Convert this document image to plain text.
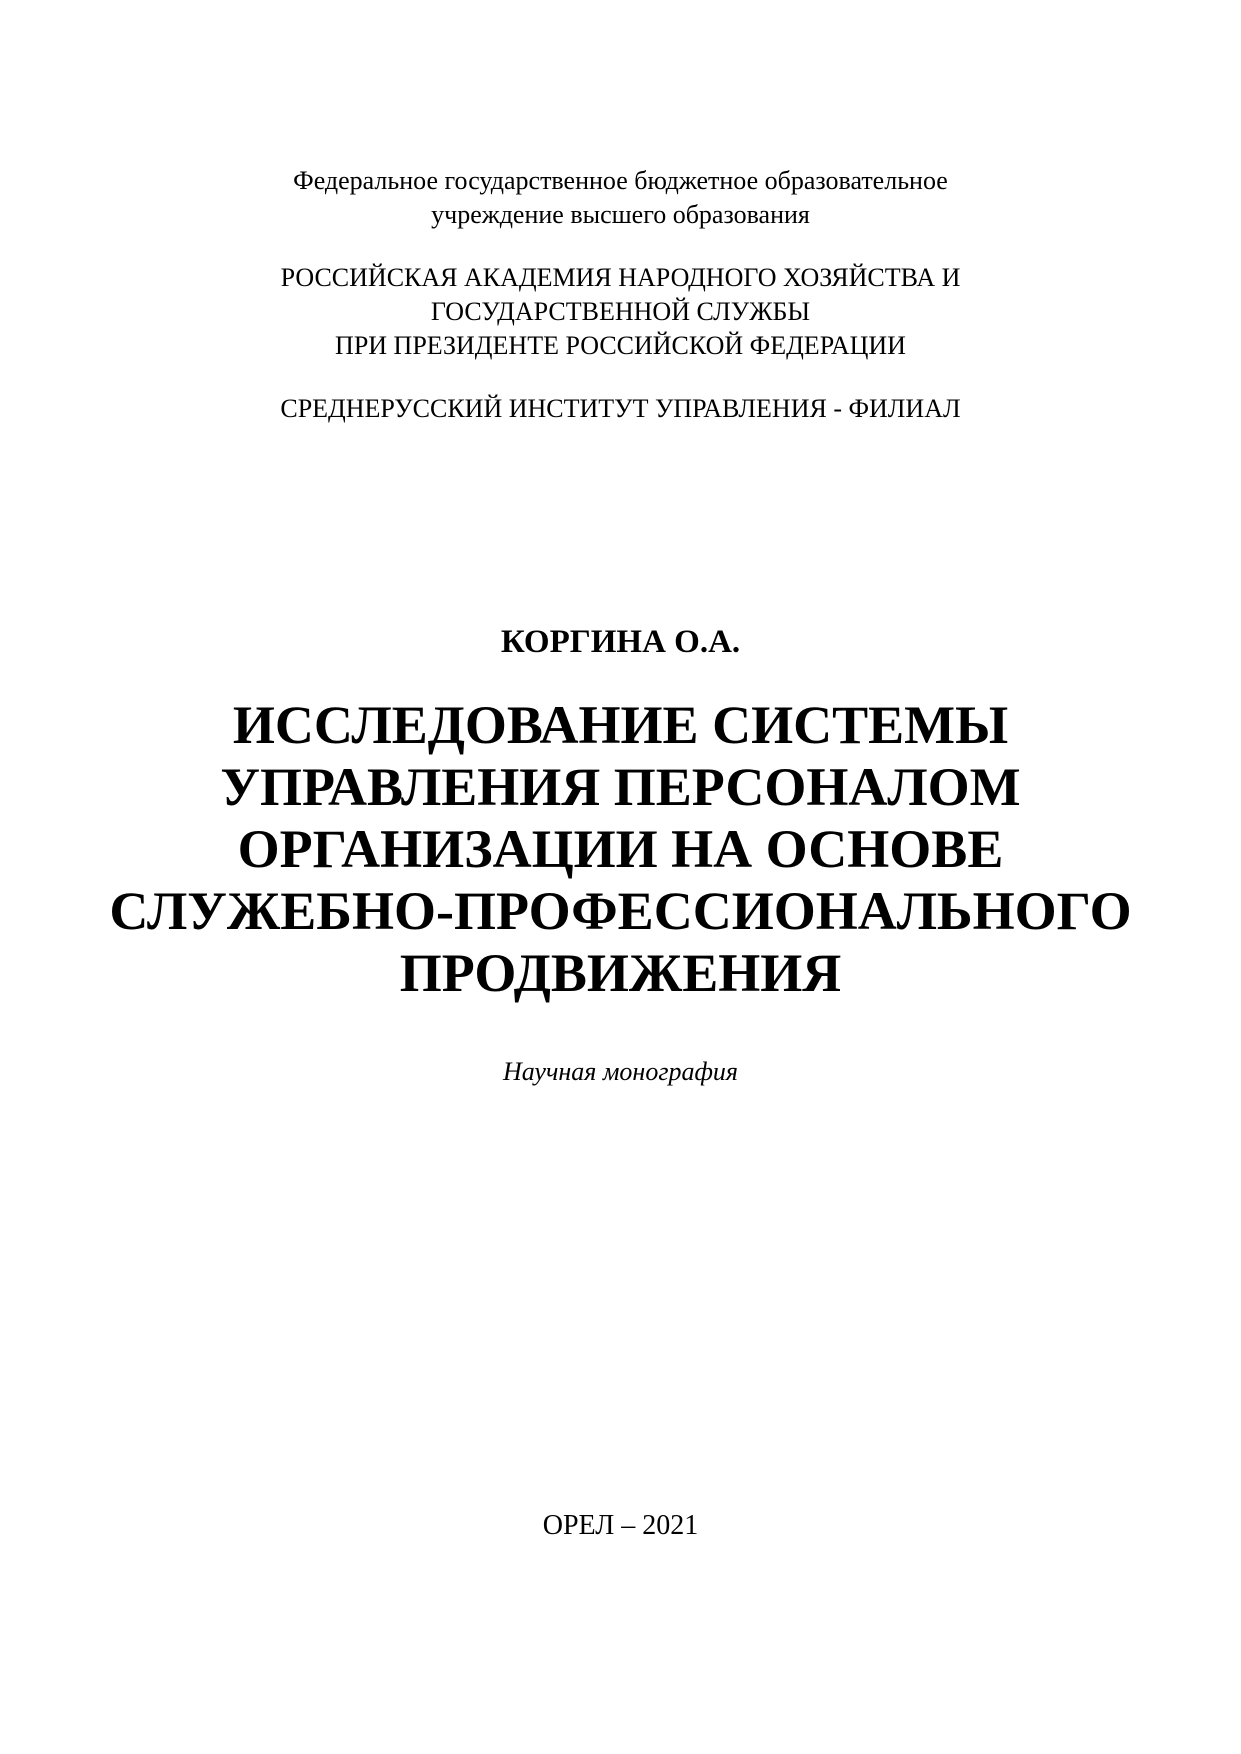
Федеральное государственное бюджетное образовательное
учреждение высшего образования
РОССИЙСКАЯ АКАДЕМИЯ НАРОДНОГО ХОЗЯЙСТВА И
ГОСУДАРСТВЕННОЙ СЛУЖБЫ
ПРИ ПРЕЗИДЕНТЕ РОССИЙСКОЙ ФЕДЕРАЦИИ
СРЕДНЕРУССКИЙ ИНСТИТУТ УПРАВЛЕНИЯ - ФИЛИАЛ
КОРГИНА О.А.
ИССЛЕДОВАНИЕ СИСТЕМЫ
УПРАВЛЕНИЯ ПЕРСОНАЛОМ
ОРГАНИЗАЦИИ НА ОСНОВЕ
СЛУЖЕБНО-ПРОФЕССИОНАЛЬНОГО
ПРОДВИЖЕНИЯ
Научная монография
ОРЕЛ – 2021
